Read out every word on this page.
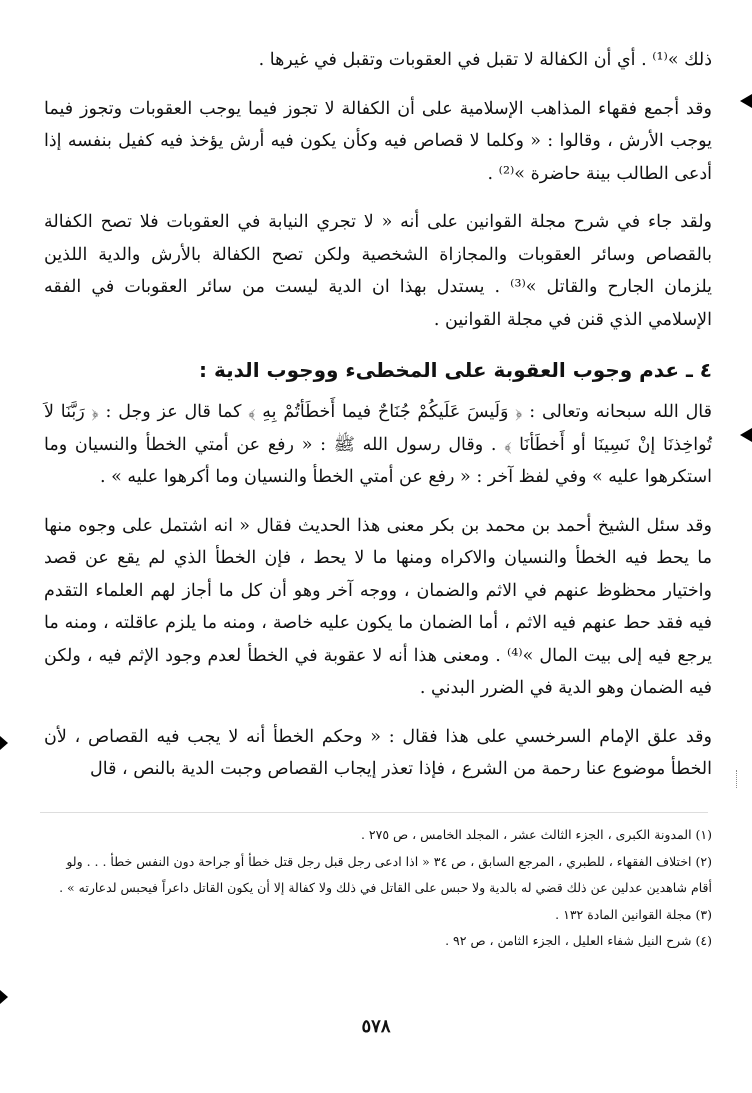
ذلك »⁽¹⁾ . أي أن الكفالة لا تقبل في العقوبات وتقبل في غيرها .

وقد أجمع فقهاء المذاهب الإسلامية على أن الكفالة لا تجوز فيما يوجب العقوبات وتجوز فيما يوجب الأرش ، وقالوا : « وكلما لا قصاص فيه وكأن يكون فيه أرش يؤخذ فيه كفيل بنفسه إذا أدعى الطالب بينة حاضرة »⁽²⁾ .

ولقد جاء في شرح مجلة القوانين على أنه « لا تجري النيابة في العقوبات فلا تصح الكفالة بالقصاص وسائر العقوبات والمجازاة الشخصية ولكن تصح الكفالة بالأرش والدية اللذين يلزمان الجارح والقاتل »⁽³⁾ . يستدل بهذا ان الدية ليست من سائر العقوبات في الفقه الإسلامي الذي قنن في مجلة القوانين .

٤ ـ عدم وجوب العقوبة على المخطىء ووجوب الدية :

قال الله سبحانه وتعالى : ﴿ وَلَيسَ عَلَيكُمْ جُنَاحٌ فيما أَخطَأتُمْ بِهِ ﴾ كما قال عز وجل : ﴿ رَبَّنَا لاَ تُواخِذنَا إنْ نَسِينَا أو أَخطَأنَا ﴾ . وقال رسول الله ﷺ : « رفع عن أمتي الخطأ والنسيان وما استكرهوا عليه » وفي لفظ آخر : « رفع عن أمتي الخطأ والنسيان وما أكرهوا عليه » .

وقد سئل الشيخ أحمد بن محمد بن بكر معنى هذا الحديث فقال « انه اشتمل على وجوه منها ما يحط فيه الخطأ والنسيان والاكراه ومنها ما لا يحط ، فإن الخطأ الذي لم يقع عن قصد واختيار محظوظ عنهم في الاثم والضمان ، ووجه آخر وهو أن كل ما أجاز لهم العلماء التقدم فيه فقد حط عنهم فيه الاثم ، أما الضمان ما يكون عليه خاصة ، ومنه ما يلزم عاقلته ، ومنه ما يرجع فيه إلى بيت المال »⁽⁴⁾ . ومعنى هذا أنه لا عقوبة في الخطأ لعدم وجود الإثم فيه ، ولكن فيه الضمان وهو الدية في الضرر البدني .

وقد علق الإمام السرخسي على هذا فقال : « وحكم الخطأ أنه لا يجب فيه القصاص ، لأن الخطأ موضوع عنا رحمة من الشرع ، فإذا تعذر إيجاب القصاص وجبت الدية بالنص ، قال

(١) المدونة الكبرى ، الجزء الثالث عشر ، المجلد الخامس ، ص ٢٧٥ .

(٢) اختلاف الفقهاء ، للطبري ، المرجع السابق ، ص ٣٤ « اذا ادعى رجل قبل رجل قتل خطأ أو جراحة دون النفس خطأ . . . ولو أقام شاهدين عدلين عن ذلك قضي له بالدية ولا حبس على القاتل في ذلك ولا كفالة إلا أن يكون القاتل داعراً فيحبس لدعارته » .

(٣) مجلة القوانين المادة ١٣٢ .

(٤) شرح النيل شفاء العليل ، الجزء الثامن ، ص ٩٢ .

٥٧٨
